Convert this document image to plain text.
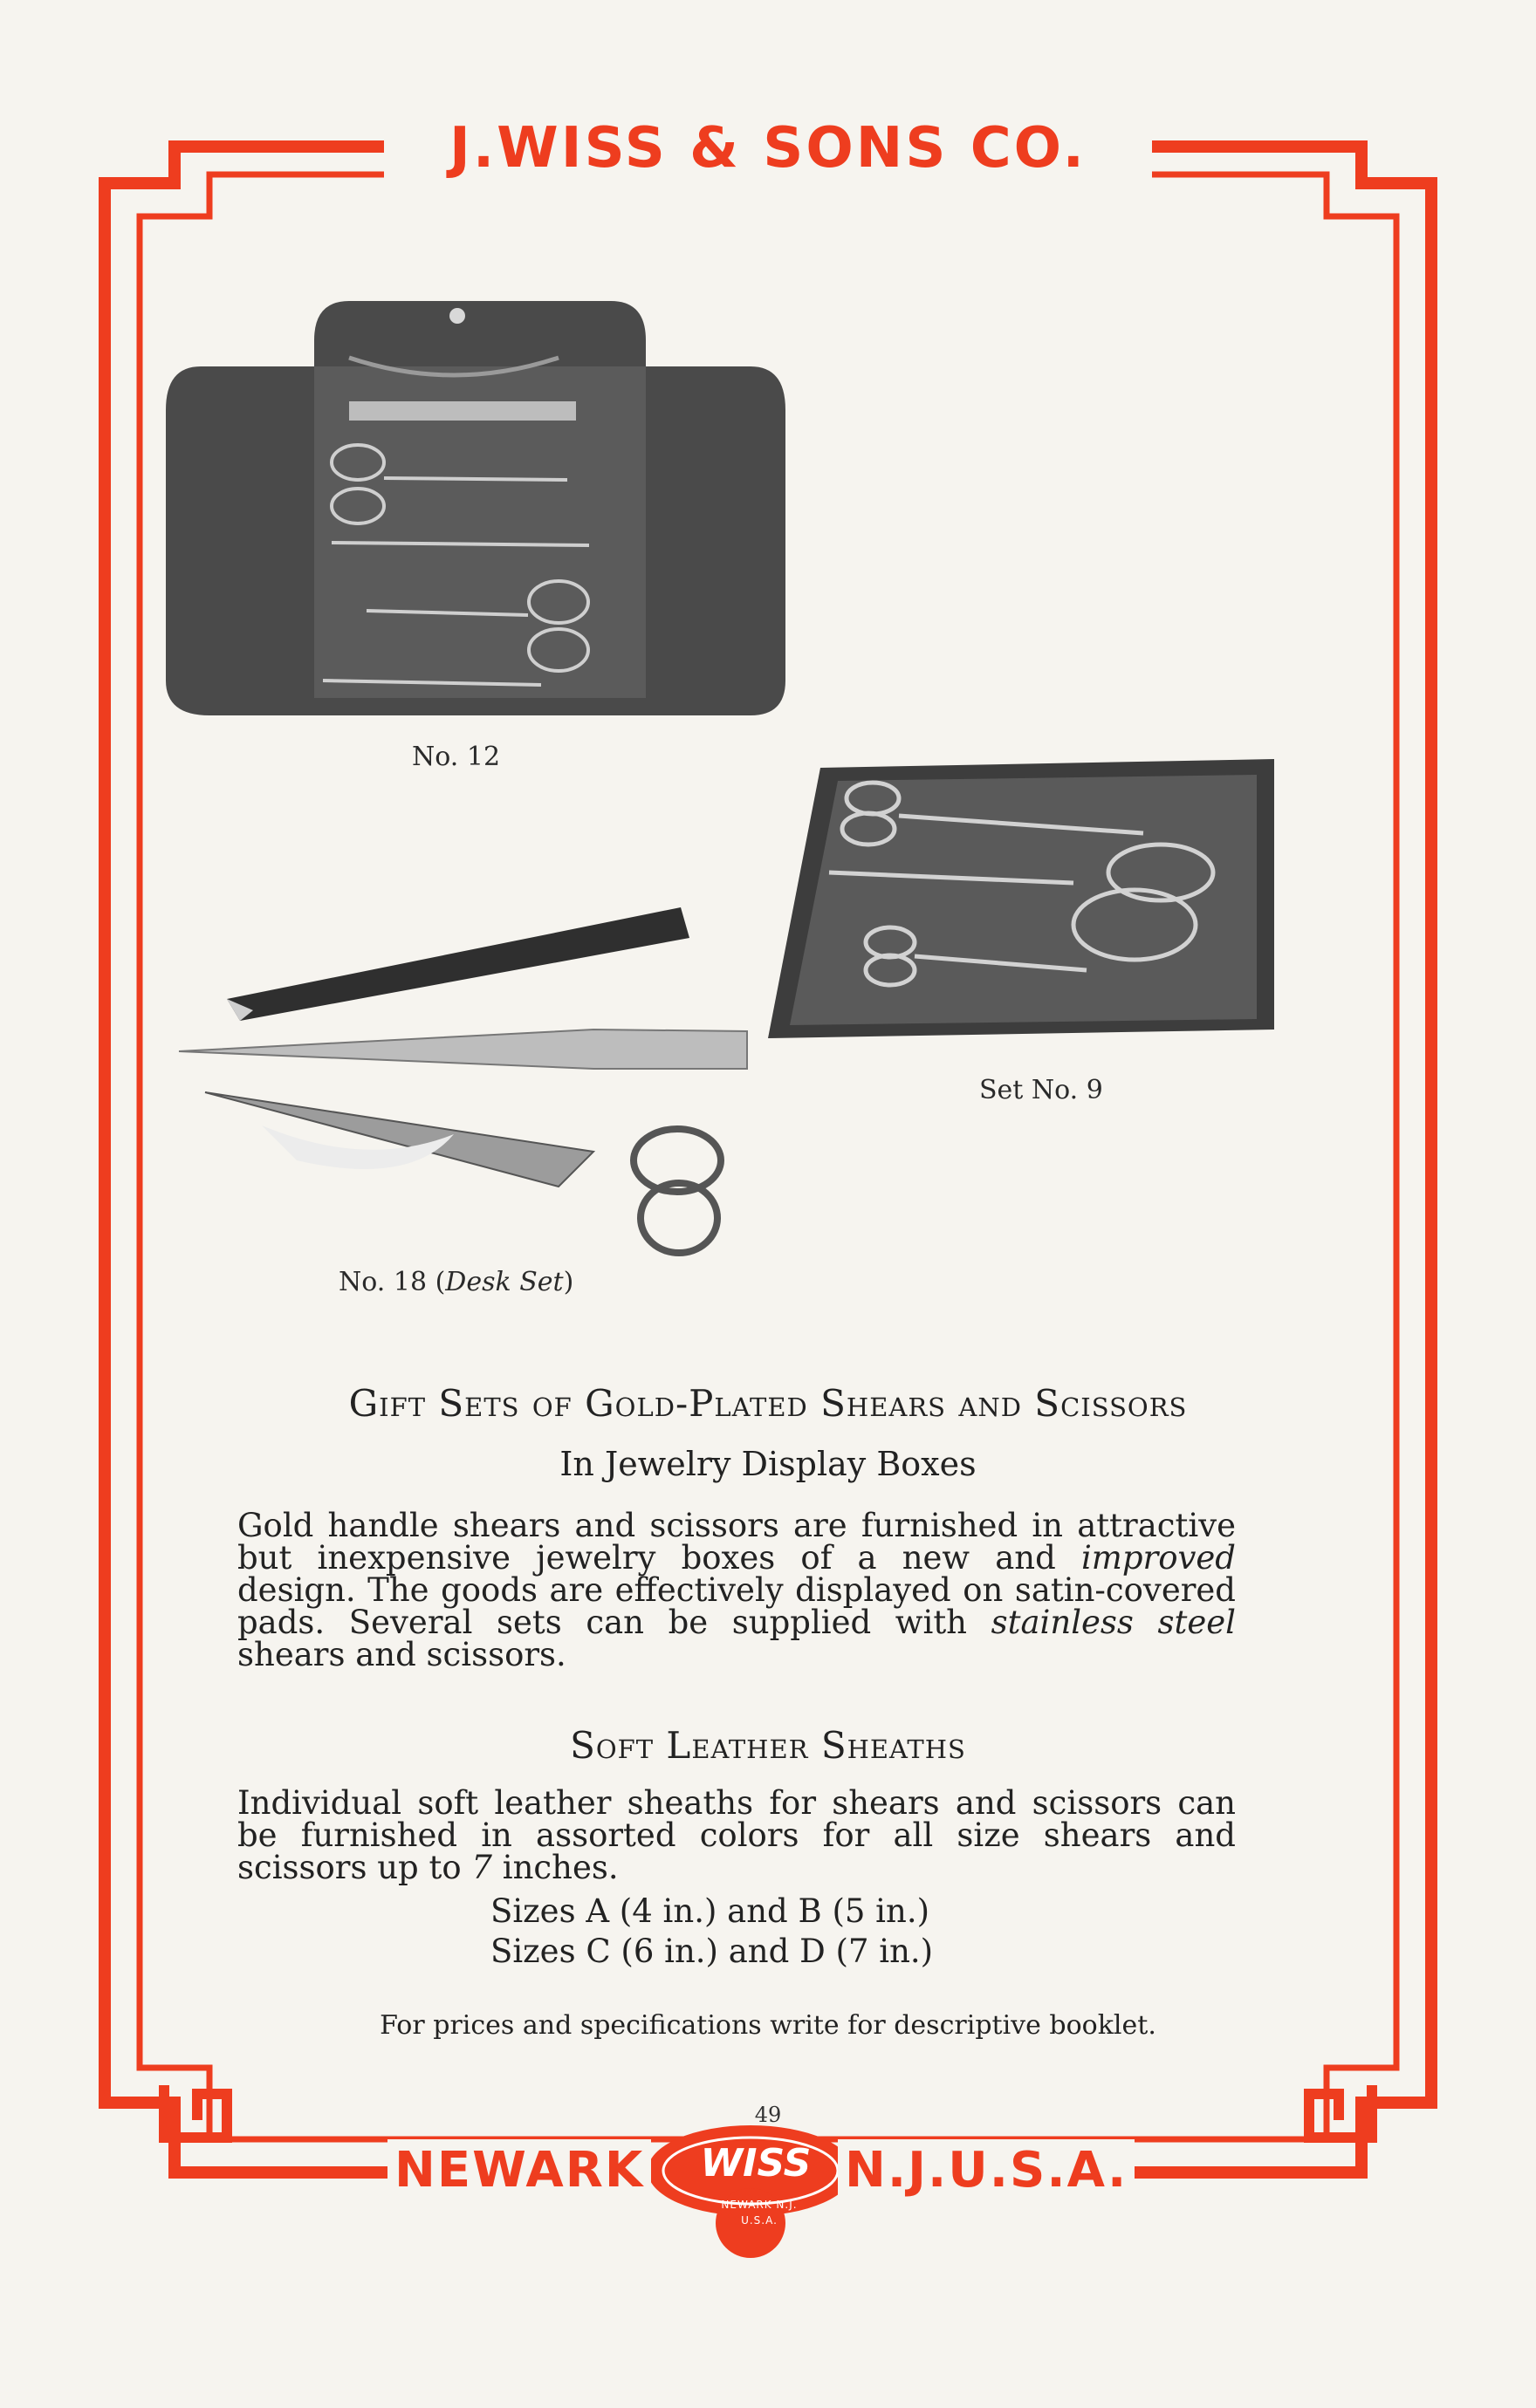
J.WISS & SONS CO.
No. 12
Set No. 9
No. 18 (Desk Set)
Gift Sets of Gold-Plated Shears and Scissors
In Jewelry Display Boxes
Gold handle shears and scissors are furnished in attractive but inexpensive jewelry boxes of a new and improved design. The goods are effectively displayed on satin-covered pads. Several sets can be supplied with stainless steel shears and scissors.
Soft Leather Sheaths
Individual soft leather sheaths for shears and scissors can be furnished in assorted colors for all size shears and scissors up to 7 inches.
Sizes A (4 in.) and B (5 in.)
Sizes C (6 in.) and D (7 in.)
For prices and specifications write for descriptive booklet.
49
NEWARK	N.J.U.S.A.
WISS
NEWARK N.J.
U.S.A.
